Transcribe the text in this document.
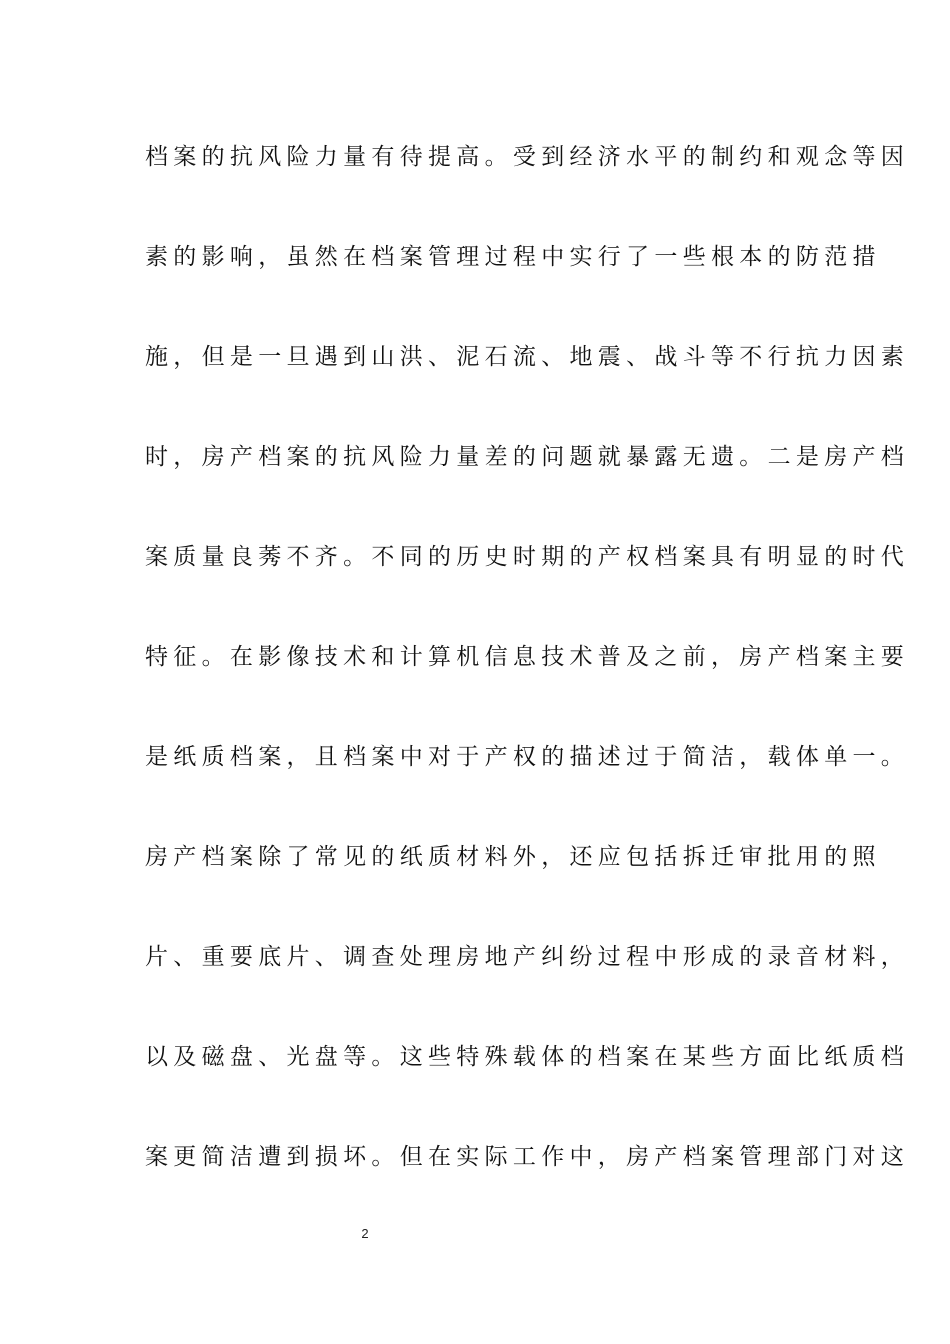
档案的抗风险力量有待提高。受到经济水平的制约和观念等因
素的影响，虽然在档案管理过程中实行了一些根本的防范措
施，但是一旦遇到山洪、泥石流、地震、战斗等不行抗力因素
时，房产档案的抗风险力量差的问题就暴露无遗。二是房产档
案质量良莠不齐。不同的历史时期的产权档案具有明显的时代
特征。在影像技术和计算机信息技术普及之前，房产档案主要
是纸质档案，且档案中对于产权的描述过于简洁，载体单一。
房产档案除了常见的纸质材料外，还应包括拆迁审批用的照
片、重要底片、调查处理房地产纠纷过程中形成的录音材料，
以及磁盘、光盘等。这些特殊载体的档案在某些方面比纸质档
案更简洁遭到损坏。但在实际工作中，房产档案管理部门对这
2
